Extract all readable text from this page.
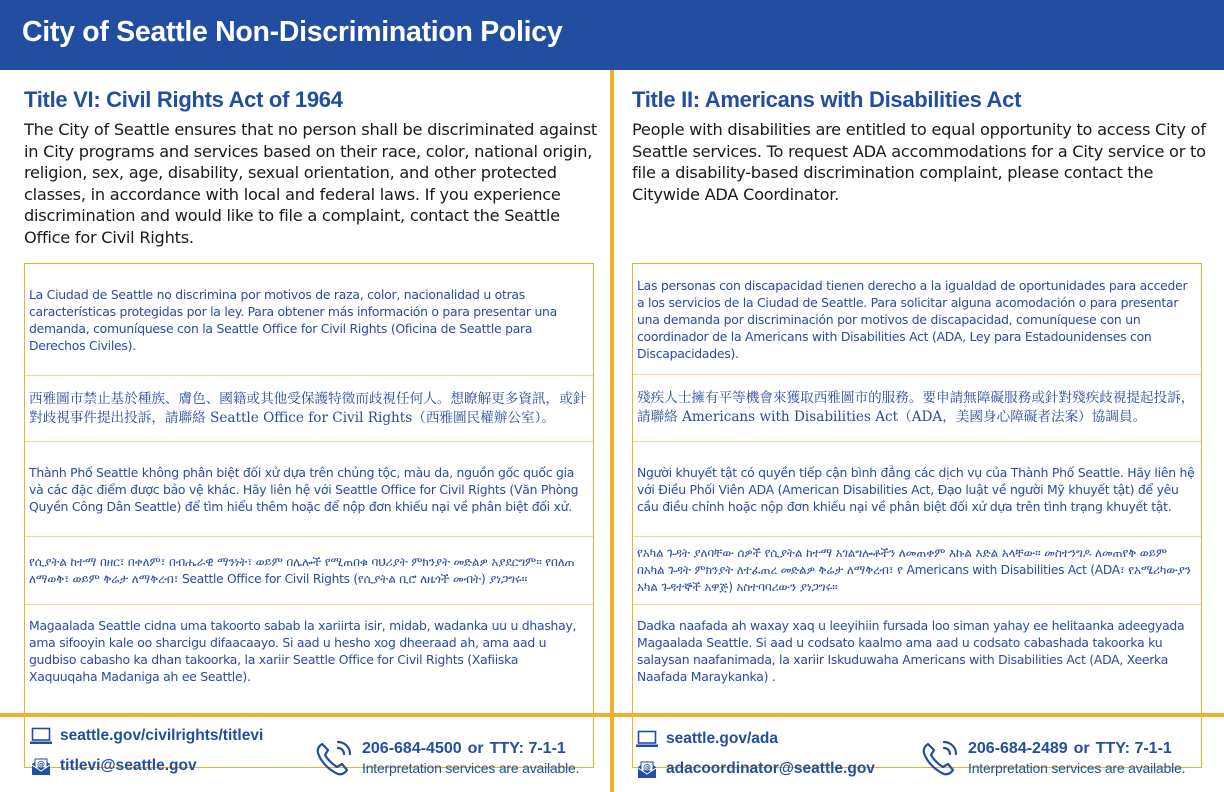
City of Seattle Non-Discrimination Policy
Title VI: Civil Rights Act of 1964
The City of Seattle ensures that no person shall be discriminated against in City programs and services based on their race, color, national origin, religion, sex, age, disability, sexual orientation, and other protected classes, in accordance with local and federal laws. If you experience discrimination and would like to file a complaint, contact the Seattle Office for Civil Rights.
La Ciudad de Seattle no discrimina por motivos de raza, color, nacionalidad u otras características protegidas por la ley. Para obtener más información o para presentar una demanda, comuníquese con la Seattle Office for Civil Rights (Oficina de Seattle para Derechos Civiles).
西雅圖市禁止基於種族、膚色、國籍或其他受保護特徵而歧視任何人。想瞭解更多資訊，或針對歧視事件提出投訴，請聯絡 Seattle Office for Civil Rights（西雅圖民權辦公室）。
Thành Phố Seattle không phân biệt đối xử dựa trên chủng tộc, màu da, nguồn gốc quốc gia và các đặc điểm được bảo vệ khác. Hãy liên hệ với Seattle Office for Civil Rights (Văn Phòng Quyền Công Dân Seattle) để tìm hiểu thêm hoặc để nộp đơn khiếu nại về phân biệt đối xử.
የሲያትል ከተማ በዘር፣ በቀለም፣ በብሔራዊ ማንነት፣ ወይም በሌሎች የሚጠበቁ ባህሪያት ምክንያት መድልዎ አያደርግም። የበለጠ ለማወቅ፣ ወይም ቅሬታ ለማቅረብ፣ Seattle Office for Civil Rights (የሲያትል ቢሮ ለዜጎች መብት) ያነጋግሩ።
Magaalada Seattle cidna uma takoorto sabab la xariirta isir, midab, wadanka uu u dhashay, ama sifooyin kale oo sharcigu difaacaayo. Si aad u hesho xog dheeraad ah, ama aad u gudbiso cabasho ka dhan takoorka, la xariir Seattle Office for Civil Rights (Xafiiska Xaquuqaha Madaniga ah ee Seattle).
Title II: Americans with Disabilities Act
People with disabilities are entitled to equal opportunity to access City of Seattle services. To request ADA accommodations for a City service or to file a disability-based discrimination complaint, please contact the Citywide ADA Coordinator.
Las personas con discapacidad tienen derecho a la igualdad de oportunidades para acceder a los servicios de la Ciudad de Seattle. Para solicitar alguna acomodación o para presentar una demanda por discriminación por motivos de discapacidad, comuníquese con un coordinador de la Americans with Disabilities Act (ADA, Ley para Estadounidenses con Discapacidades).
殘疾人士擁有平等機會來獲取西雅圖市的服務。要申請無障礙服務或針對殘疾歧視提起投訴，請聯絡 Americans with Disabilities Act（ADA，美國身心障礙者法案）協調員。
Người khuyết tật có quyền tiếp cận bình đẳng các dịch vụ của Thành Phố Seattle. Hãy liên hệ với Điều Phối Viên ADA (American Disabilities Act, Đạo luật về người Mỹ khuyết tật) để yêu cầu điều chỉnh hoặc nộp đơn khiếu nại về phân biệt đối xử dựa trên tình trạng khuyết tật.
የአካል ጉዳት ያለባቸው ሰዎች የሲያትል ከተማ አገልግሎቶችን ለመጠቀም እኩል እድል አላቸው። መስተንግዶ ለመጠየቅ ወይም በአካል ጉዳት ምክንያት ለተፈጠረ መድልዎ ቅሬታ ለማቅረብ፣ የ Americans with Disabilities Act (ADA፣ የአሜሪካውያን አካል ጉዳተኞች አዋጅ) አስተባባሪውን ያነጋግሩ።
Dadka naafada ah waxay xaq u leeyihiin fursada loo siman yahay ee helitaanka adeegyada Magaalada Seattle. Si aad u codsato kaalmo ama aad u codsato cabashada takoorka ku salaysan naafanimada, la xariir Iskuduwaha Americans with Disabilities Act (ADA, Xeerka Naafada Maraykanka) .
seattle.gov/civilrights/titlevi
@ titlevi@seattle.gov
206-684-4500 or TTY: 7-1-1
Interpretation services are available.
seattle.gov/ada
@ adacoordinator@seattle.gov
206-684-2489 or TTY: 7-1-1
Interpretation services are available.
